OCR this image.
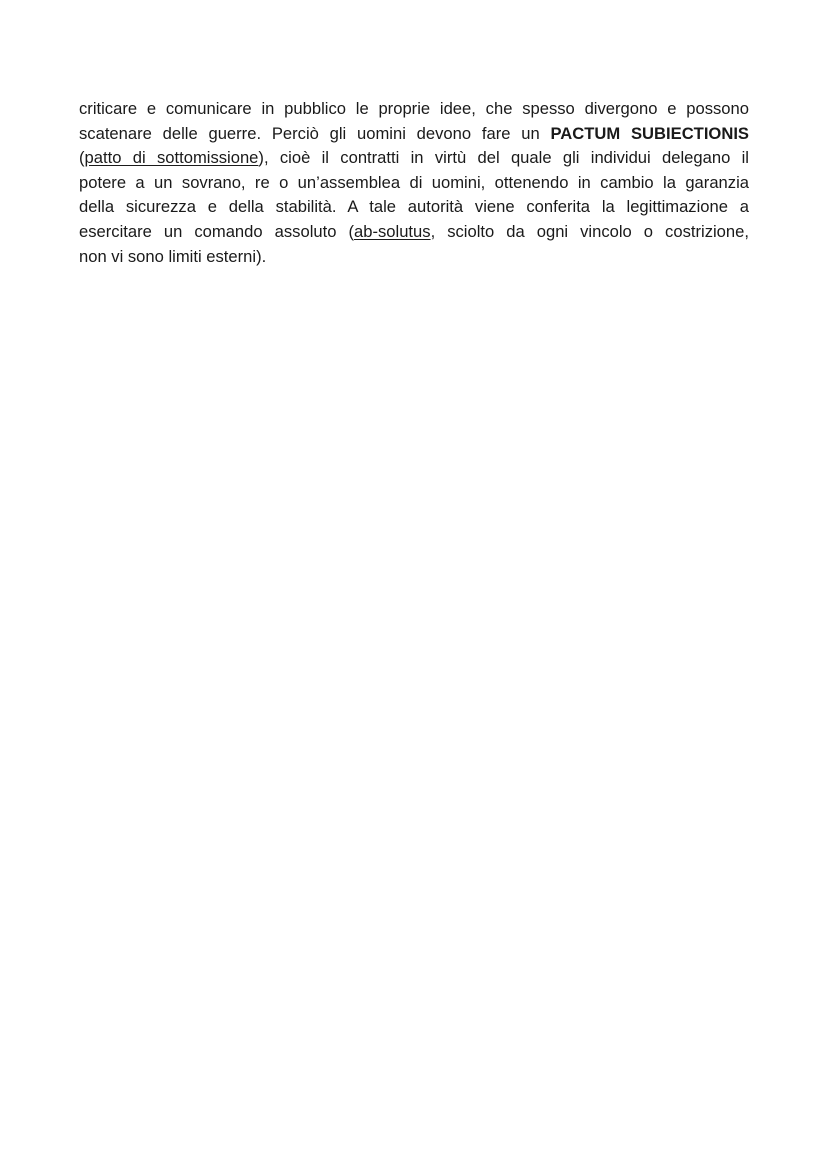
criticare e comunicare in pubblico le proprie idee, che spesso divergono e possono
scatenare delle guerre. Perciò gli uomini devono fare un PACTUM SUBIECTIONIS
(patto di sottomissione), cioè il contratti in virtù del quale gli individui delegano il
potere a un sovrano, re o un’assemblea di uomini, ottenendo in cambio la garanzia
della sicurezza e della stabilità. A tale autorità viene conferita la legittimazione a
esercitare un comando assoluto (ab-solutus, sciolto da ogni vincolo o costrizione,
non vi sono limiti esterni).
